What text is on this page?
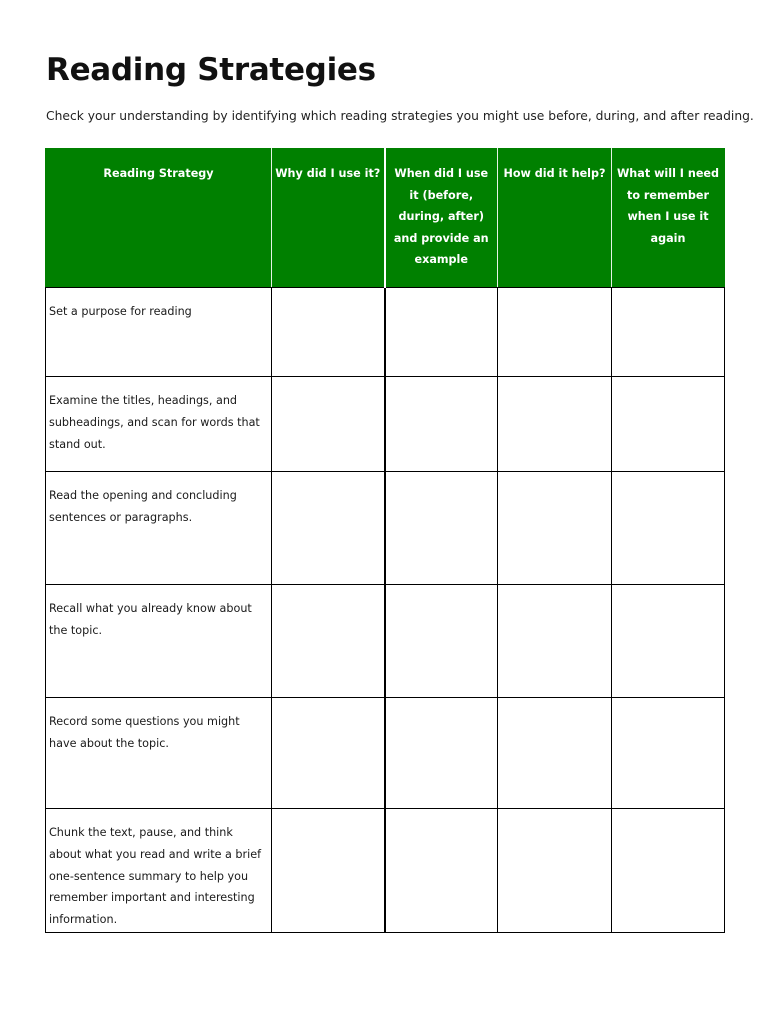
Reading Strategies

Check your understanding by identifying which reading strategies you might use before, during, and after reading.

Reading Strategy	Why did I use it?	When did I use it (before, during, after) and provide an example	How did it help?	What will I need to remember when I use it again
Set a purpose for reading				
Examine the titles, headings, and subheadings, and scan for words that stand out.				
Read the opening and concluding sentences or paragraphs.				
Recall what you already know about the topic.				
Record some questions you might have about the topic.				
Chunk the text, pause, and think about what you read and write a brief one-sentence summary to help you remember important and interesting information.				
